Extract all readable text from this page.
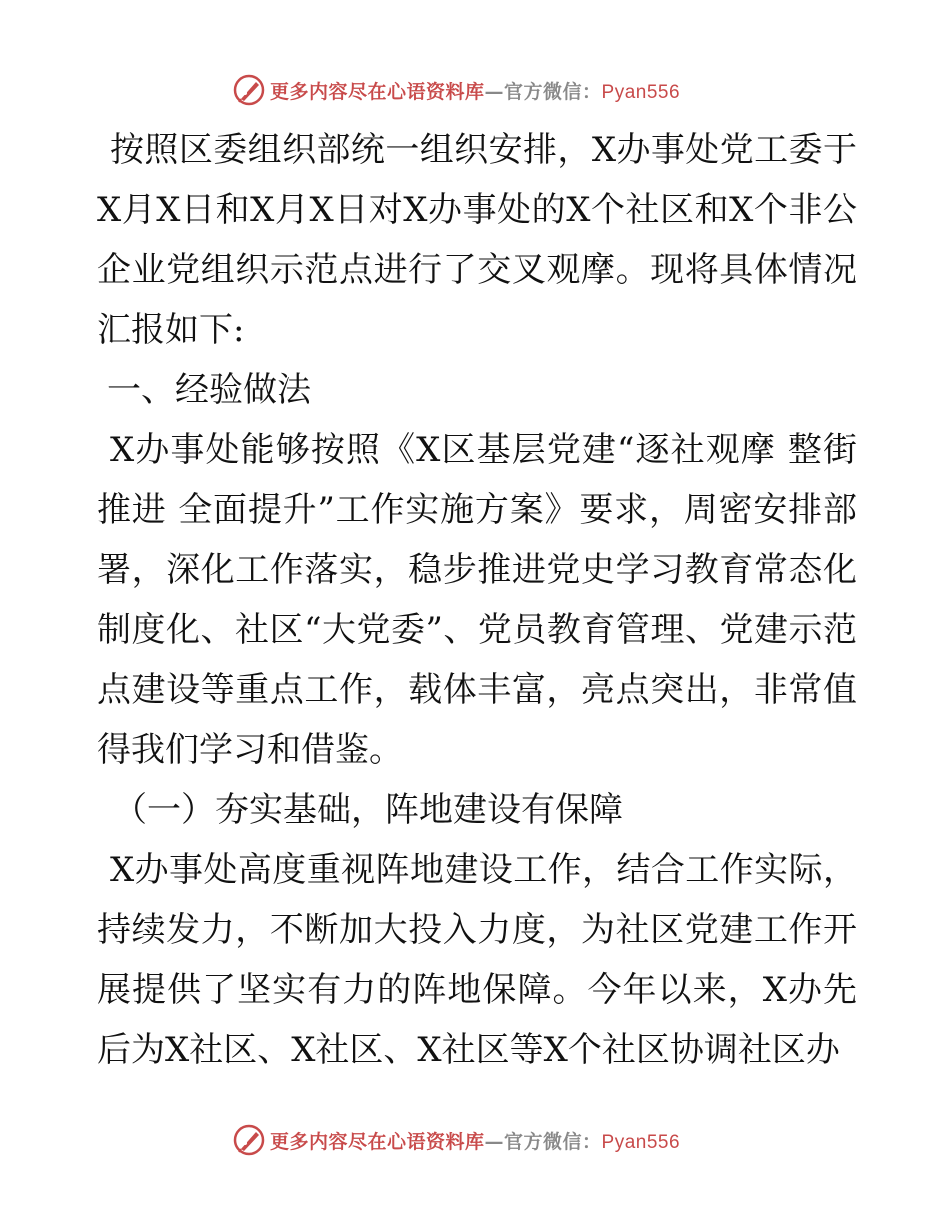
更多内容尽在心语资料库—官方微信：Pyan556

按照区委组织部统一组织安排，X办事处党工委于X月X日和X月X日对X办事处的X个社区和X个非公企业党组织示范点进行了交叉观摩。现将具体情况汇报如下:

一、经验做法

X办事处能够按照《X区基层党建“逐社观摩 整街推进 全面提升”工作实施方案》要求，周密安排部署，深化工作落实，稳步推进党史学习教育常态化制度化、社区“大党委”、党员教育管理、党建示范点建设等重点工作，载体丰富，亮点突出，非常值得我们学习和借鉴。

（一）夯实基础，阵地建设有保障

X办事处高度重视阵地建设工作，结合工作实际，持续发力，不断加大投入力度，为社区党建工作开展提供了坚实有力的阵地保障。今年以来，X办先后为X社区、X社区、X社区等X个社区协调社区办

更多内容尽在心语资料库—官方微信：Pyan556
